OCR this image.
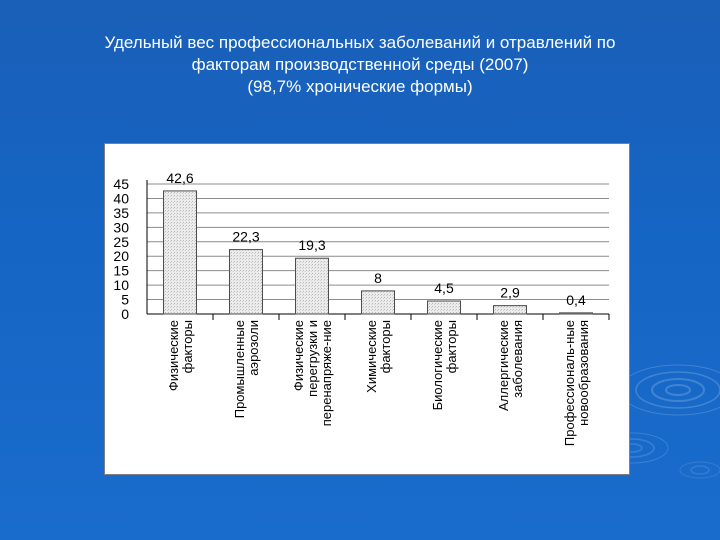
Удельный вес профессиональных заболеваний и отравлений по
факторам производственной среды (2007)
(98,7% хронические формы)
0
5
10
15
20
25
30
35
40
45	42,6
Физические факторы
22,3
Промышленные аэрозоли
19,3
Физические перегрузки и перенапряже-ние
8
Химические факторы
4,5
Биологические факторы
2,9
Аллергические заболевания
0,4
Профессиональ-ные новообразования
